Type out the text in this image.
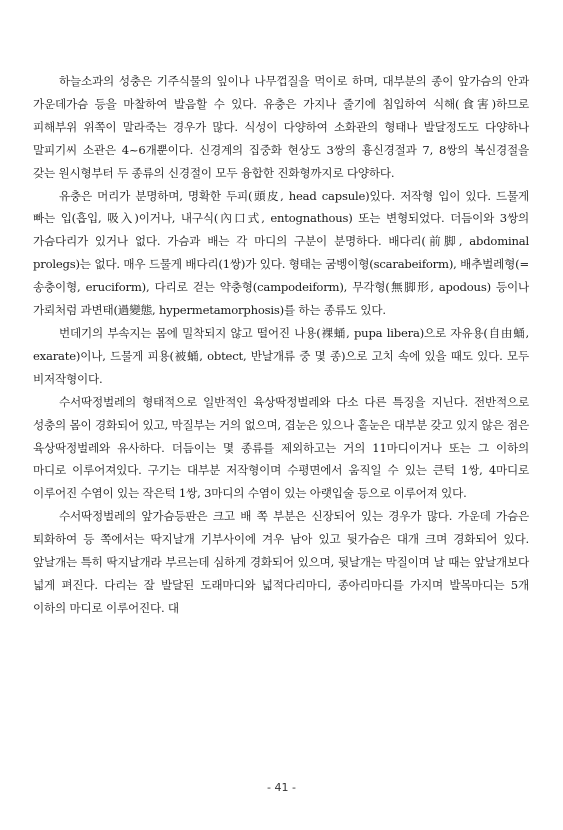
하늘소과의 성충은 기주식물의 잎이나 나무껍질을 먹이로 하며, 대부분의 종이 앞가슴의 안과 가운데가슴 등을 마찰하여 발음할 수 있다. 유충은 가지나 줄기에 침입하여 식해(食害)하므로 피해부위 위쪽이 말라죽는 경우가 많다. 식성이 다양하여 소화관의 형태나 발달정도도 다양하나 말피기씨 소관은 4~6개뿐이다. 신경계의 집중화 현상도 3쌍의 흉신경절과 7, 8쌍의 복신경절을 갖는 원시형부터 두 종류의 신경절이 모두 융합한 진화형까지로 다양하다.

유충은 머리가 분명하며, 명확한 두피(頭皮, head capsule)있다. 저작형 입이 있다. 드물게 빠는 입(흡입, 吸入)이거나, 내구식(內口式, entognathous) 또는 변형되었다. 더듬이와 3쌍의 가슴다리가 있거나 없다. 가슴과 배는 각 마디의 구분이 분명하다. 배다리(前脚, abdominal prolegs)는 없다. 매우 드물게 배다리(1쌍)가 있다. 형태는 굼벵이형(scarabeiform), 배추벌레형(=송충이형, eruciform), 다리로 걷는 약충형(campodeiform), 무각형(無脚形, apodous) 등이나 가뢰처럼 과변태(過變態, hypermetamorphosis)를 하는 종류도 있다.

번데기의 부속지는 몸에 밀착되지 않고 떨어진 나용(裸蛹, pupa libera)으로 자유용(自由蛹, exarate)이나, 드물게 피용(被蛹, obtect, 반날개류 중 몇 종)으로 고치 속에 있을 때도 있다. 모두 비저작형이다.

수서딱정벌레의 형태적으로 일반적인 육상딱정벌레와 다소 다른 특징을 지닌다. 전반적으로 성충의 몸이 경화되어 있고, 막질부는 거의 없으며, 겹눈은 있으나 홑눈은 대부분 갖고 있지 않은 점은 육상딱정벌레와 유사하다. 더듬이는 몇 종류를 제외하고는 거의 11마디이거나 또는 그 이하의 마디로 이루어져있다. 구기는 대부분 저작형이며 수평면에서 움직일 수 있는 큰턱 1쌍, 4마디로 이루어진 수염이 있는 작은턱 1쌍, 3마디의 수염이 있는 아랫입술 등으로 이루어져 있다.

수서딱정벌레의 앞가슴등판은 크고 배 쪽 부분은 신장되어 있는 경우가 많다. 가운데 가슴은 퇴화하여 등 쪽에서는 딱지날개 기부사이에 겨우 남아 있고 뒷가슴은 대개 크며 경화되어 있다. 앞날개는 특히 딱지날개라 부르는데 심하게 경화되어 있으며, 뒷날개는 막질이며 날 때는 앞날개보다 넓게 펴진다. 다리는 잘 발달된 도래마디와 넓적다리마디, 종아리마디를 가지며 발목마디는 5개 이하의 마디로 이루어진다. 대

- 41 -
